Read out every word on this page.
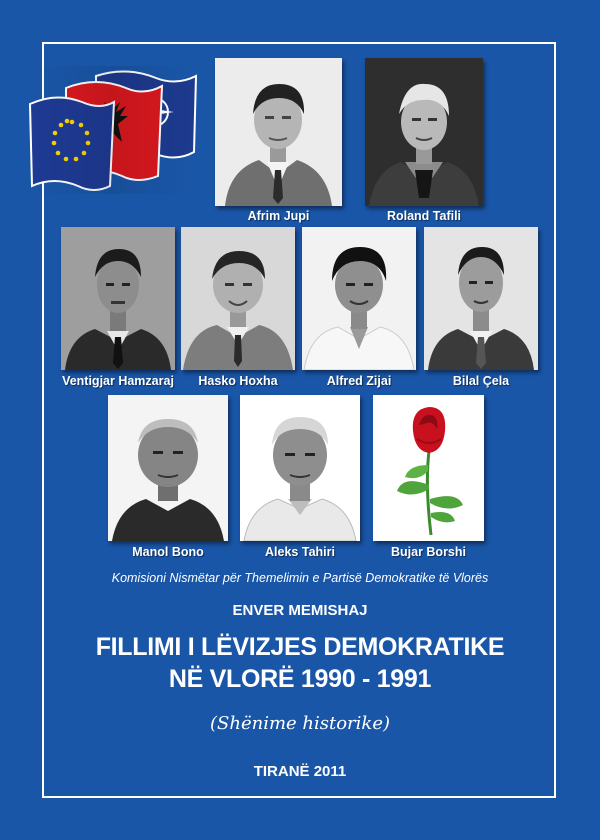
Afrim Jupi	Roland Tafili
Ventigjar Hamzaraj	Hasko Hoxha	Alfred Zijai	Bilal Çela
Manol Bono	Aleks Tahiri	Bujar Borshi
Komisioni Nismëtar për Themelimin e Partisë Demokratike të Vlorës
ENVER MEMISHAJ
FILLIMI I LËVIZJES DEMOKRATIKE
NË VLORË 1990 - 1991
(Shënime historike)
TIRANË 2011
